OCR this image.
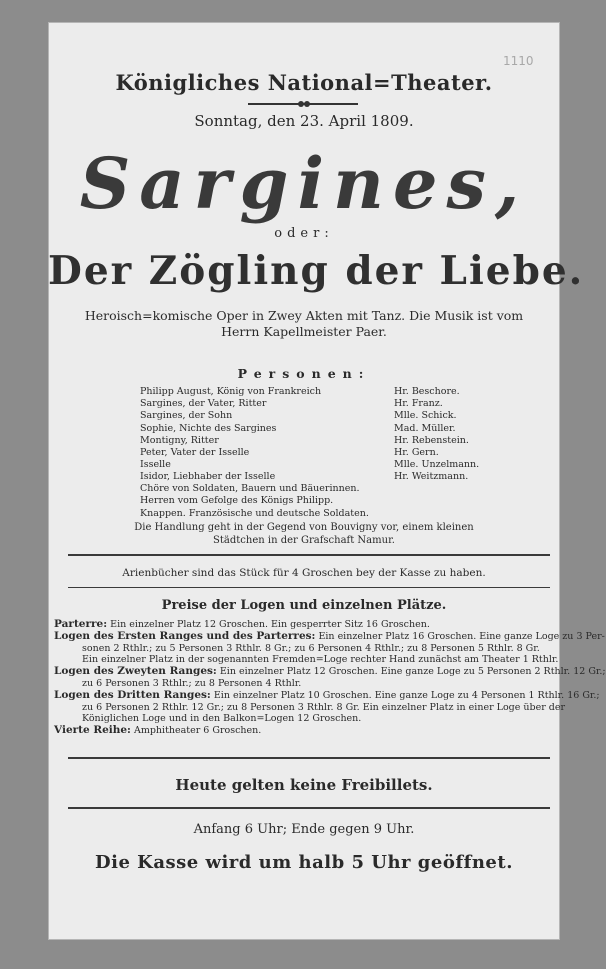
1110
Königliches National=Theater.
Sonntag, den 23. April 1809.
Sargines,
oder:
Der Zögling der Liebe.
Heroisch=komische Oper in Zwey Akten mit Tanz. Die Musik ist vom
Herrn Kapellmeister Paer.
Personen:
Philipp August, König von Frankreich	Hr. Beschore.
Sargines, der Vater, Ritter	Hr. Franz.
Sargines, der Sohn	Mlle. Schick.
Sophie, Nichte des Sargines	Mad. Müller.
Montigny, Ritter	Hr. Rebenstein.
Peter, Vater der Isselle	Hr. Gern.
Isselle	Mlle. Unzelmann.
Isidor, Liebhaber der Isselle	Hr. Weitzmann.
Chöre von Soldaten, Bauern und Bäuerinnen.
Herren vom Gefolge des Königs Philipp.
Knappen. Französische und deutsche Soldaten.
Die Handlung geht in der Gegend von Bouvigny vor, einem kleinen
Städtchen in der Grafschaft Namur.
Arienbücher sind das Stück für 4 Groschen bey der Kasse zu haben.
Preise der Logen und einzelnen Plätze.

Parterre: Ein einzelner Platz 12 Groschen. Ein gesperrter Sitz 16 Groschen.

Logen des Ersten Ranges und des Parterres: Ein einzelner Platz 16 Groschen. Eine ganze Loge zu 3 Per-

sonen 2 Rthlr.; zu 5 Personen 3 Rthlr. 8 Gr.; zu 6 Personen 4 Rthlr.; zu 8 Personen 5 Rthlr. 8 Gr.

Ein einzelner Platz in der sogenannten Fremden=Loge rechter Hand zunächst am Theater 1 Rthlr.

Logen des Zweyten Ranges: Ein einzelner Platz 12 Groschen. Eine ganze Loge zu 5 Personen 2 Rthlr. 12 Gr.;

zu 6 Personen 3 Rthlr.; zu 8 Personen 4 Rthlr.

Logen des Dritten Ranges: Ein einzelner Platz 10 Groschen. Eine ganze Loge zu 4 Personen 1 Rthlr. 16 Gr.;

zu 6 Personen 2 Rthlr. 12 Gr.; zu 8 Personen 3 Rthlr. 8 Gr. Ein einzelner Platz in einer Loge über der

Königlichen Loge und in den Balkon=Logen 12 Groschen.

Vierte Reihe: Amphitheater 6 Groschen.

Heute gelten keine Freibillets.
Anfang 6 Uhr; Ende gegen 9 Uhr.
Die Kasse wird um halb 5 Uhr geöffnet.
